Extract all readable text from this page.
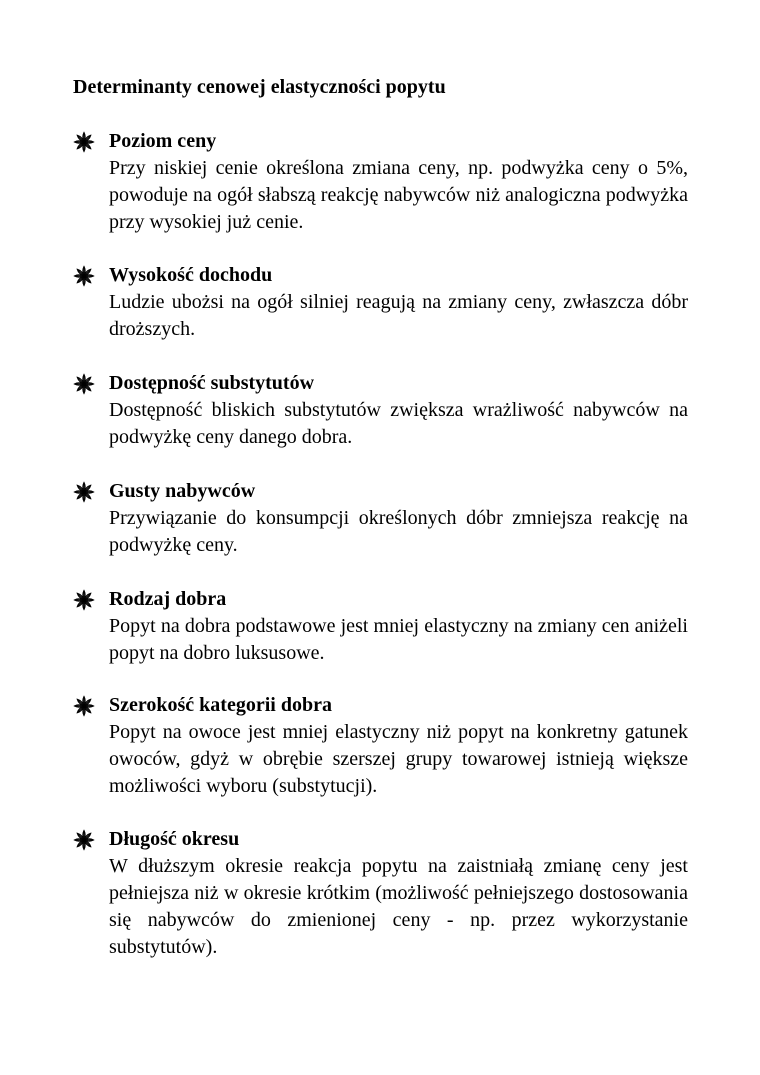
Determinanty cenowej elastyczności popytu
Poziom ceny
Przy niskiej cenie określona zmiana ceny, np. podwyżka ceny o 5%, powoduje na ogół słabszą reakcję nabywców niż analogiczna podwyżka przy wysokiej już cenie.
Wysokość dochodu
Ludzie ubożsi na ogół silniej reagują na zmiany ceny, zwłaszcza dóbr droższych.
Dostępność substytutów
Dostępność bliskich substytutów zwiększa wrażliwość nabywców na podwyżkę ceny danego dobra.
Gusty nabywców
Przywiązanie do konsumpcji określonych dóbr zmniejsza reakcję na podwyżkę ceny.
Rodzaj dobra
Popyt na dobra podstawowe jest mniej elastyczny na zmiany cen aniżeli popyt na dobro luksusowe.
Szerokość kategorii dobra
Popyt na owoce jest mniej elastyczny niż popyt na konkretny gatunek owoców, gdyż w obrębie szerszej grupy towarowej istnieją większe możliwości wyboru (substytucji).
Długość okresu
W dłuższym okresie reakcja popytu na zaistniałą zmianę ceny jest pełniejsza niż w okresie krótkim (możliwość pełniejszego dostosowania się nabywców do zmienionej ceny - np. przez wykorzystanie substytutów).
